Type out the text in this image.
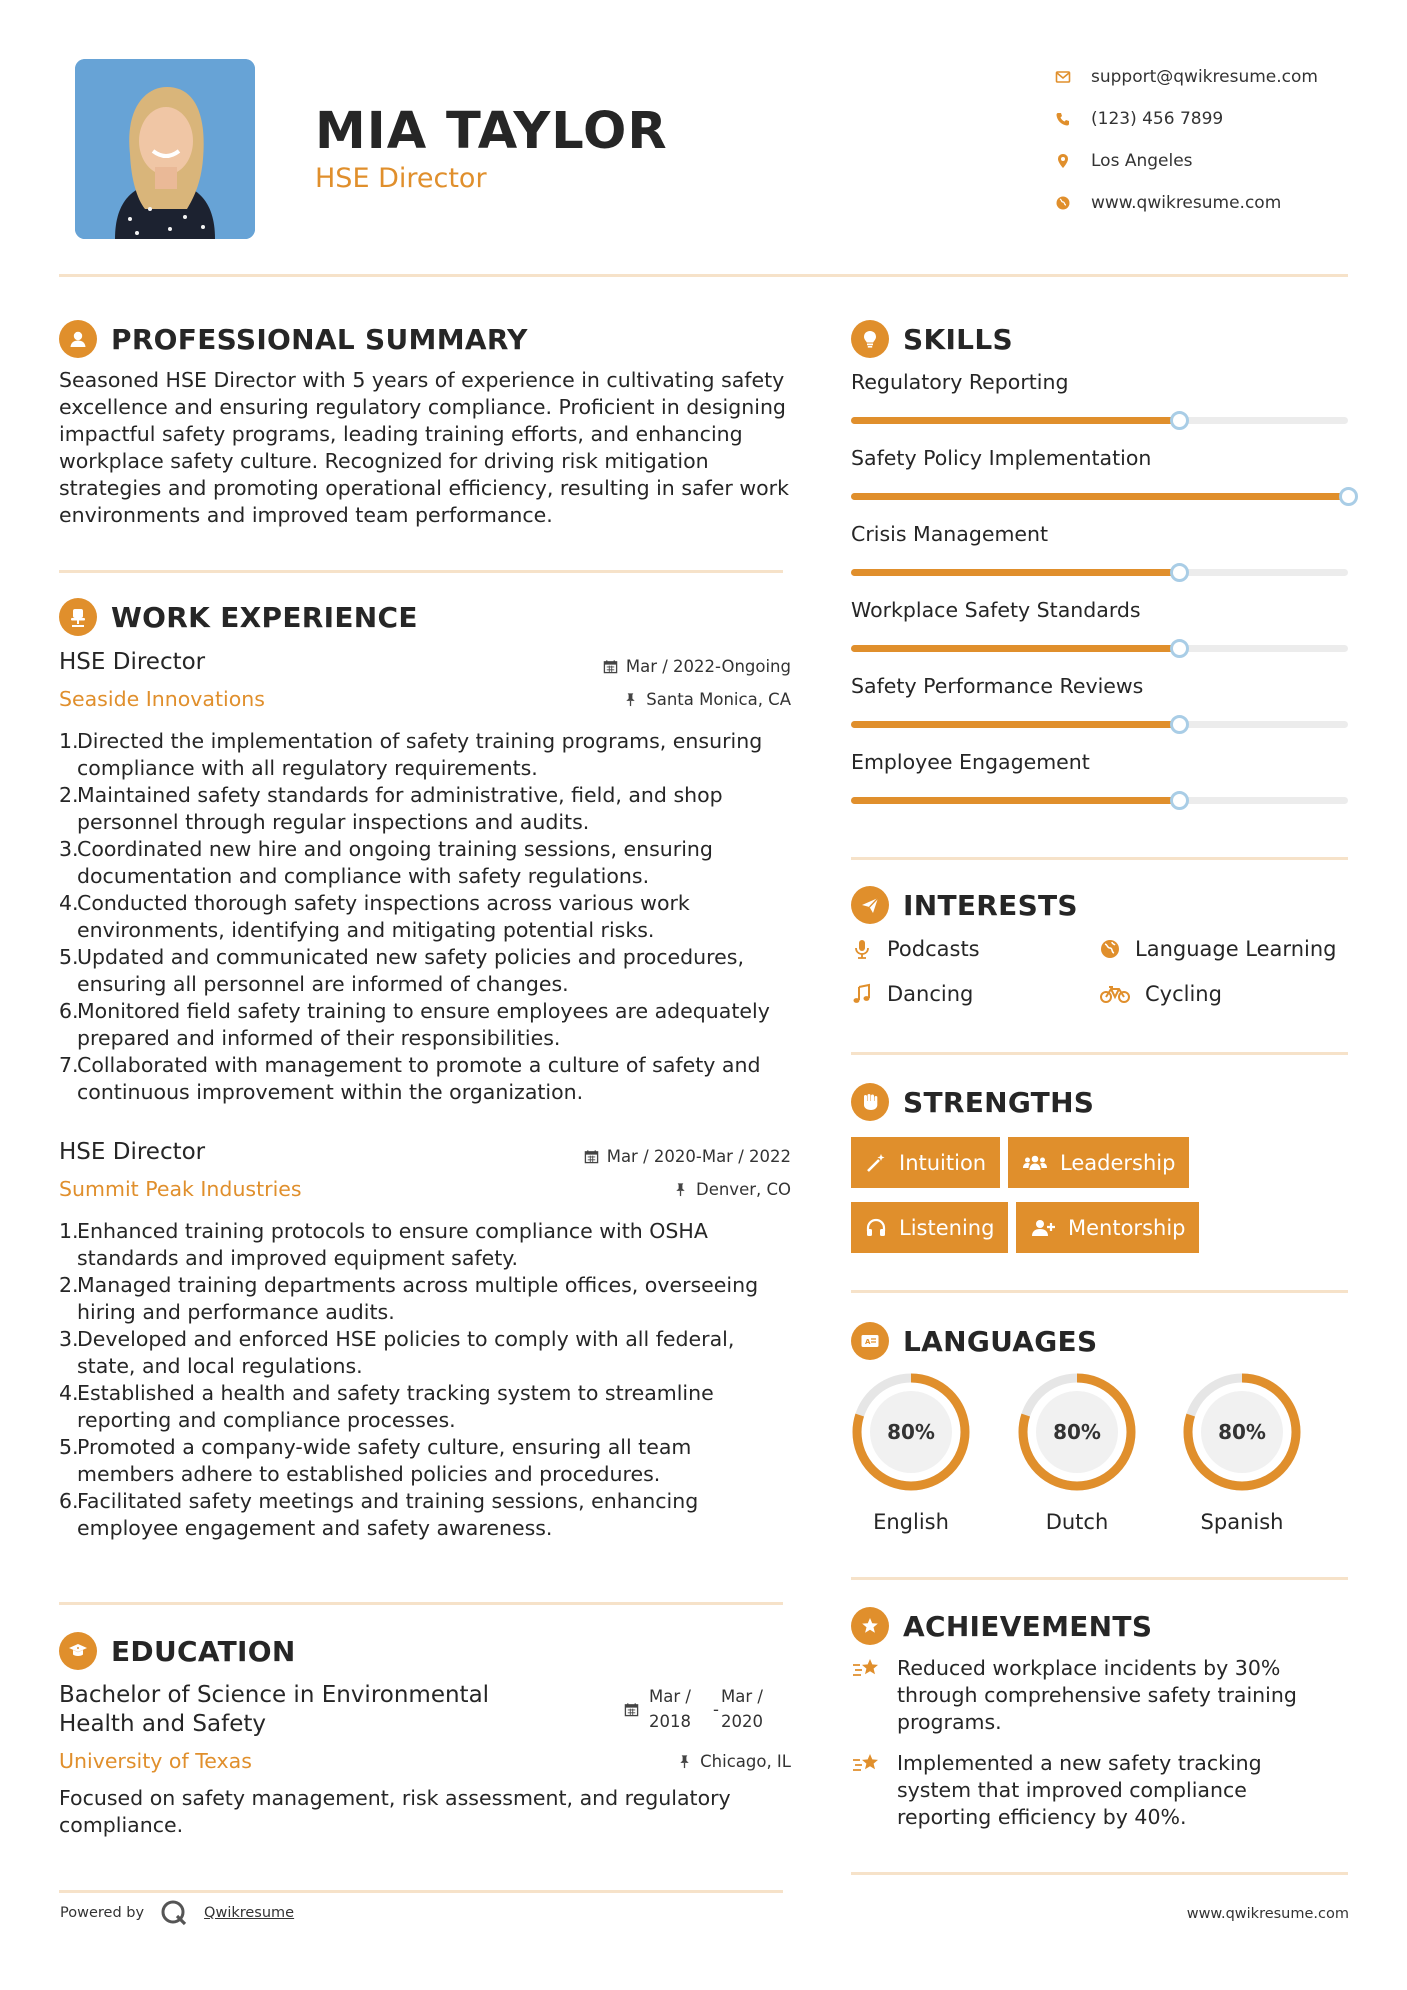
MIA TAYLOR
HSE Director
support@qwikresume.com
(123) 456 7899
Los Angeles
www.qwikresume.com
PROFESSIONAL SUMMARY
Seasoned HSE Director with 5 years of experience in cultivating safety excellence and ensuring regulatory compliance. Proficient in designing impactful safety programs, leading training efforts, and enhancing workplace safety culture. Recognized for driving risk mitigation strategies and promoting operational efficiency, resulting in safer work environments and improved team performance.
WORK EXPERIENCE
HSE Director	Mar / 2022-Ongoing
Seaside Innovations	Santa Monica, CA
Directed the implementation of safety training programs, ensuring compliance with all regulatory requirements.
Maintained safety standards for administrative, field, and shop personnel through regular inspections and audits.
Coordinated new hire and ongoing training sessions, ensuring documentation and compliance with safety regulations.
Conducted thorough safety inspections across various work environments, identifying and mitigating potential risks.
Updated and communicated new safety policies and procedures, ensuring all personnel are informed of changes.
Monitored field safety training to ensure employees are adequately prepared and informed of their responsibilities.
Collaborated with management to promote a culture of safety and continuous improvement within the organization.
HSE Director	Mar / 2020-Mar / 2022
Summit Peak Industries	Denver, CO
Enhanced training protocols to ensure compliance with OSHA standards and improved equipment safety.
Managed training departments across multiple offices, overseeing hiring and performance audits.
Developed and enforced HSE policies to comply with all federal, state, and local regulations.
Established a health and safety tracking system to streamline reporting and compliance processes.
Promoted a company-wide safety culture, ensuring all team members adhere to established policies and procedures.
Facilitated safety meetings and training sessions, enhancing employee engagement and safety awareness.
EDUCATION
Bachelor of Science in Environmental
Health and Safety
Mar /
2018
-
Mar /
2020
University of Texas	Chicago, IL
Focused on safety management, risk assessment, and regulatory compliance.
SKILLS
Regulatory Reporting
Safety Policy Implementation
Crisis Management
Workplace Safety Standards
Safety Performance Reviews
Employee Engagement
INTERESTS
Podcasts	Language Learning
Dancing	Cycling
STRENGTHS
Intuition	Leadership
Listening	Mentorship
A LANGUAGES
80%
English
80%
Dutch
80%
Spanish
ACHIEVEMENTS
Reduced workplace incidents by 30% through comprehensive safety training programs.
Implemented a new safety tracking system that improved compliance reporting efficiency by 40%.
Powered by	Qwikresume	www.qwikresume.com
